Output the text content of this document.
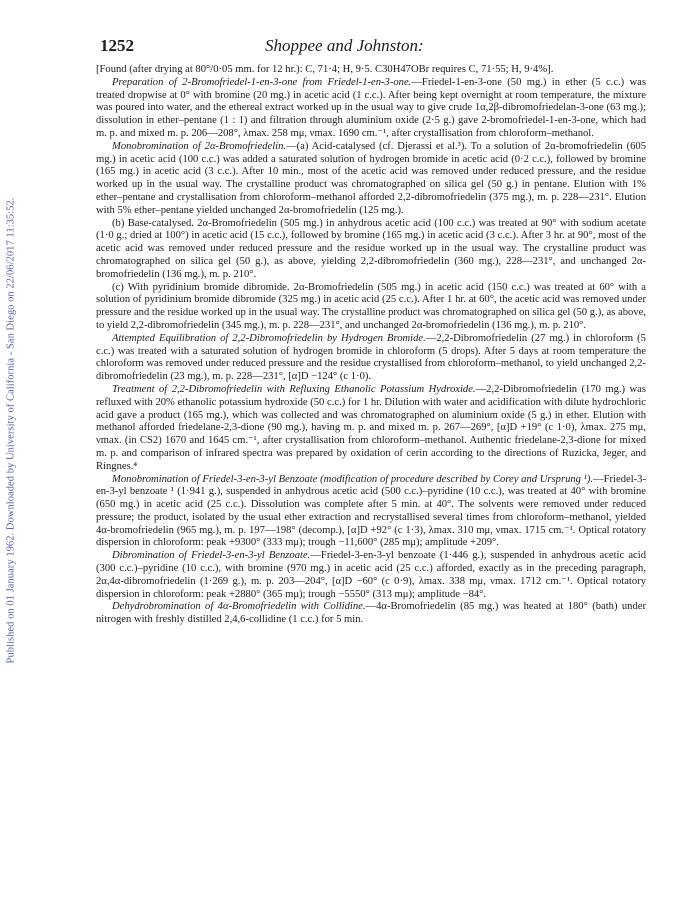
Published on 01 January 1962. Downloaded by University of California - San Diego on 22/06/2017 11:35:52.
1252	Shoppee and Johnston:

[Found (after drying at 80°/0·05 mm. for 12 hr.): C, 71·4; H, 9·5. C30H47OBr requires C, 71·55; H, 9·4%].

Preparation of 2-Bromofriedel-1-en-3-one from Friedel-1-en-3-one.—Friedel-1-en-3-one (50 mg.) in ether (5 c.c.) was treated dropwise at 0° with bromine (20 mg.) in acetic acid (1 c.c.). After being kept overnight at room temperature, the mixture was poured into water, and the ethereal extract worked up in the usual way to give crude 1α,2β-dibromofriedelan-3-one (63 mg.); dissolution in ether–pentane (1 : 1) and filtration through aluminium oxide (2·5 g.) gave 2-bromofriedel-1-en-3-one, which had m. p. and mixed m. p. 206—208°, λmax. 258 mμ, νmax. 1690 cm.⁻¹, after crystallisation from chloroform–methanol.

Monobromination of 2α-Bromofriedelin.—(a) Acid-catalysed (cf. Djerassi et al.³). To a solution of 2α-bromofriedelin (605 mg.) in acetic acid (100 c.c.) was added a saturated solution of hydrogen bromide in acetic acid (0·2 c.c.), followed by bromine (165 mg.) in acetic acid (3 c.c.). After 10 min., most of the acetic acid was removed under reduced pressure, and the residue worked up in the usual way. The crystalline product was chromatographed on silica gel (50 g.) in pentane. Elution with 1% ether–pentane and crystallisation from chloroform–methanol afforded 2,2-dibromofriedelin (375 mg.), m. p. 228—231°. Elution with 5% ether–pentane yielded unchanged 2α-bromofriedelin (125 mg.).

(b) Base-catalysed. 2α-Bromofriedelin (505 mg.) in anhydrous acetic acid (100 c.c.) was treated at 90° with sodium acetate (1·0 g.; dried at 100°) in acetic acid (15 c.c.), followed by bromine (165 mg.) in acetic acid (3 c.c.). After 3 hr. at 90°, most of the acetic acid was removed under reduced pressure and the residue worked up in the usual way. The crystalline product was chromatographed on silica gel (50 g.), as above, yielding 2,2-dibromofriedelin (360 mg.), 228—231°, and unchanged 2α-bromofriedelin (136 mg.), m. p. 210°.

(c) With pyridinium bromide dibromide. 2α-Bromofriedelin (505 mg.) in acetic acid (150 c.c.) was treated at 60° with a solution of pyridinium bromide dibromide (325 mg.) in acetic acid (25 c.c.). After 1 hr. at 60°, the acetic acid was removed under pressure and the residue worked up in the usual way. The crystalline product was chromatographed on silica gel (50 g.), as above, to yield 2,2-dibromofriedelin (345 mg.), m. p. 228—231°, and unchanged 2α-bromofriedelin (136 mg.), m. p. 210°.

Attempted Equilibration of 2,2-Dibromofriedelin by Hydrogen Bromide.—2,2-Dibromofriedelin (27 mg.) in chloroform (5 c.c.) was treated with a saturated solution of hydrogen bromide in chloroform (5 drops). After 5 days at room temperature the chloroform was removed under reduced pressure and the residue crystallised from chloroform–methanol, to yield unchanged 2,2-dibromofriedelin (23 mg.), m. p. 228—231°, [α]D −124° (c 1·0).

Treatment of 2,2-Dibromofriedelin with Refluxing Ethanolic Potassium Hydroxide.—2,2-Dibromofriedelin (170 mg.) was refluxed with 20% ethanolic potassium hydroxide (50 c.c.) for 1 hr. Dilution with water and acidification with dilute hydrochloric acid gave a product (165 mg.), which was collected and was chromatographed on aluminium oxide (5 g.) in ether. Elution with methanol afforded friedelane-2,3-dione (90 mg.), having m. p. and mixed m. p. 267—269°, [α]D +19° (c 1·0), λmax. 275 mμ, νmax. (in CS2) 1670 and 1645 cm.⁻¹, after crystallisation from chloroform–methanol. Authentic friedelane-2,3-dione for mixed m. p. and comparison of infrared spectra was prepared by oxidation of cerin according to the directions of Ruzicka, Jeger, and Ringnes.⁴

Monobromination of Friedel-3-en-3-yl Benzoate (modification of procedure described by Corey and Ursprung ¹).—Friedel-3-en-3-yl benzoate ¹ (1·941 g.), suspended in anhydrous acetic acid (500 c.c.)–pyridine (10 c.c.), was treated at 40° with bromine (650 mg.) in acetic acid (25 c.c.). Dissolution was complete after 5 min. at 40°. The solvents were removed under reduced pressure; the product, isolated by the usual ether extraction and recrystallised several times from chloroform–methanol, yielded 4α-bromofriedelin (965 mg.), m. p. 197—198° (decomp.), [α]D +92° (c 1·3), λmax. 310 mμ, νmax. 1715 cm.⁻¹. Optical rotatory dispersion in chloroform: peak +9300° (333 mμ); trough −11,600° (285 mμ); amplitude +209°.

Dibromination of Friedel-3-en-3-yl Benzoate.—Friedel-3-en-3-yl benzoate (1·446 g.), suspended in anhydrous acetic acid (300 c.c.)–pyridine (10 c.c.), with bromine (970 mg.) in acetic acid (25 c.c.) afforded, exactly as in the preceding paragraph, 2α,4α-dibromofriedelin (1·269 g.), m. p. 203—204°, [α]D −60° (c 0·9), λmax. 338 mμ, νmax. 1712 cm.⁻¹. Optical rotatory dispersion in chloroform: peak +2880° (365 mμ); trough −5550° (313 mμ); amplitude −84°.

Dehydrobromination of 4α-Bromofriedelin with Collidine.—4α-Bromofriedelin (85 mg.) was heated at 180° (bath) under nitrogen with freshly distilled 2,4,6-collidine (1 c.c.) for 5 min.
